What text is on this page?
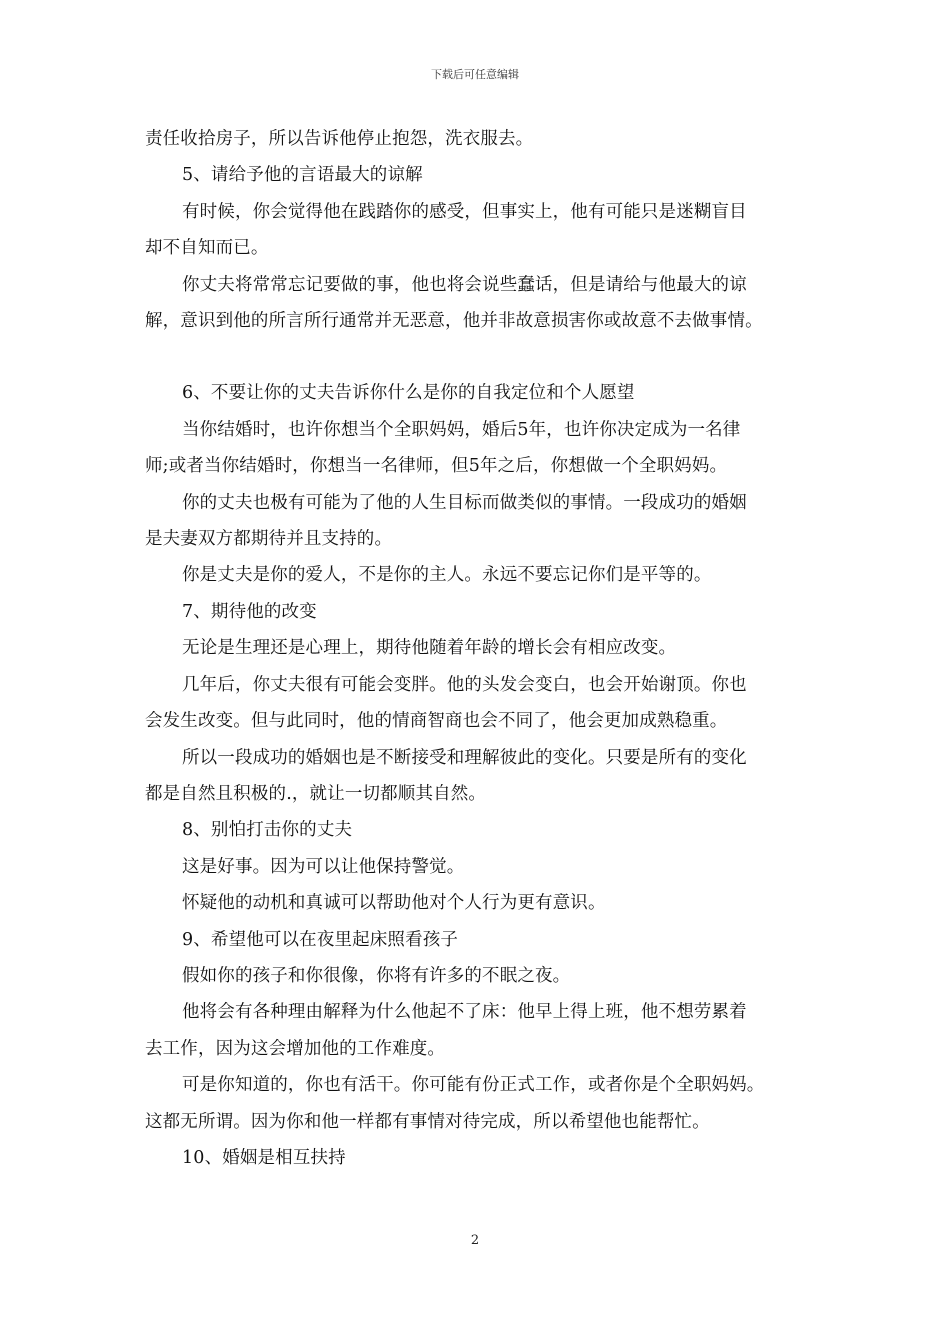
下载后可任意编辑

责任收拾房子，所以告诉他停止抱怨，洗衣服去。

5、请给予他的言语最大的谅解

有时候，你会觉得他在践踏你的感受，但事实上，他有可能只是迷糊盲目

却不自知而已。

你丈夫将常常忘记要做的事，他也将会说些蠢话，但是请给与他最大的谅

解，意识到他的所言所行通常并无恶意，他并非故意损害你或故意不去做事情。

6、不要让你的丈夫告诉你什么是你的自我定位和个人愿望

当你结婚时，也许你想当个全职妈妈，婚后5年，也许你决定成为一名律

师;或者当你结婚时，你想当一名律师，但5年之后，你想做一个全职妈妈。

你的丈夫也极有可能为了他的人生目标而做类似的事情。一段成功的婚姻

是夫妻双方都期待并且支持的。

你是丈夫是你的爱人，不是你的主人。永远不要忘记你们是平等的。

7、期待他的改变

无论是生理还是心理上，期待他随着年龄的增长会有相应改变。

几年后，你丈夫很有可能会变胖。他的头发会变白，也会开始谢顶。你也

会发生改变。但与此同时，他的情商智商也会不同了，他会更加成熟稳重。

所以一段成功的婚姻也是不断接受和理解彼此的变化。只要是所有的变化

都是自然且积极的.，就让一切都顺其自然。

8、别怕打击你的丈夫

这是好事。因为可以让他保持警觉。

怀疑他的动机和真诚可以帮助他对个人行为更有意识。

9、希望他可以在夜里起床照看孩子

假如你的孩子和你很像，你将有许多的不眠之夜。

他将会有各种理由解释为什么他起不了床：他早上得上班，他不想劳累着

去工作，因为这会增加他的工作难度。

可是你知道的，你也有活干。你可能有份正式工作，或者你是个全职妈妈。

这都无所谓。因为你和他一样都有事情对待完成，所以希望他也能帮忙。

10、婚姻是相互扶持

2
